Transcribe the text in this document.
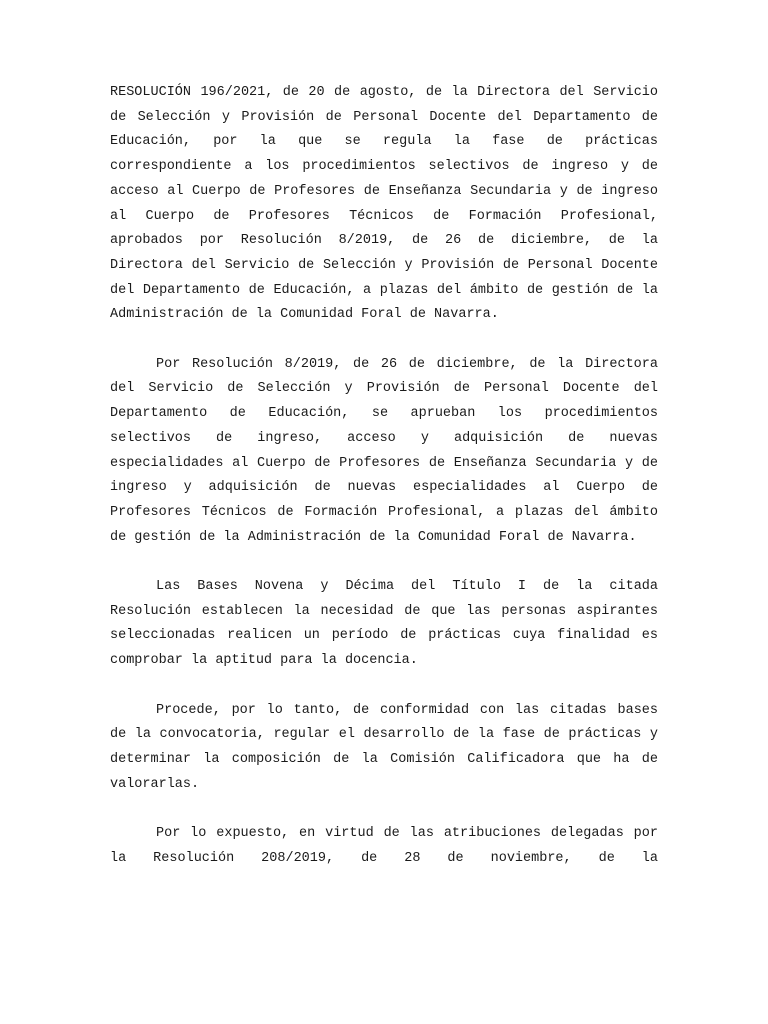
RESOLUCIÓN 196/2021, de 20 de agosto, de la Directora del Servicio de Selección y Provisión de Personal Docente del Departamento de Educación, por la que se regula la fase de prácticas correspondiente a los procedimientos selectivos de ingreso y de acceso al Cuerpo de Profesores de Enseñanza Secundaria y de ingreso al Cuerpo de Profesores Técnicos de Formación Profesional, aprobados por Resolución 8/2019, de 26 de diciembre, de la Directora del Servicio de Selección y Provisión de Personal Docente del Departamento de Educación, a plazas del ámbito de gestión de la Administración de la Comunidad Foral de Navarra.

Por Resolución 8/2019, de 26 de diciembre, de la Directora del Servicio de Selección y Provisión de Personal Docente del Departamento de Educación, se aprueban los procedimientos selectivos de ingreso, acceso y adquisición de nuevas especialidades al Cuerpo de Profesores de Enseñanza Secundaria y de ingreso y adquisición de nuevas especialidades al Cuerpo de Profesores Técnicos de Formación Profesional, a plazas del ámbito de gestión de la Administración de la Comunidad Foral de Navarra.

Las Bases Novena y Décima del Título I de la citada Resolución establecen la necesidad de que las personas aspirantes seleccionadas realicen un período de prácticas cuya finalidad es comprobar la aptitud para la docencia.

Procede, por lo tanto, de conformidad con las citadas bases de la convocatoria, regular el desarrollo de la fase de prácticas y determinar la composición de la Comisión Calificadora que ha de valorarlas.

Por lo expuesto, en virtud de las atribuciones delegadas por la Resolución 208/2019, de 28 de noviembre, de la
